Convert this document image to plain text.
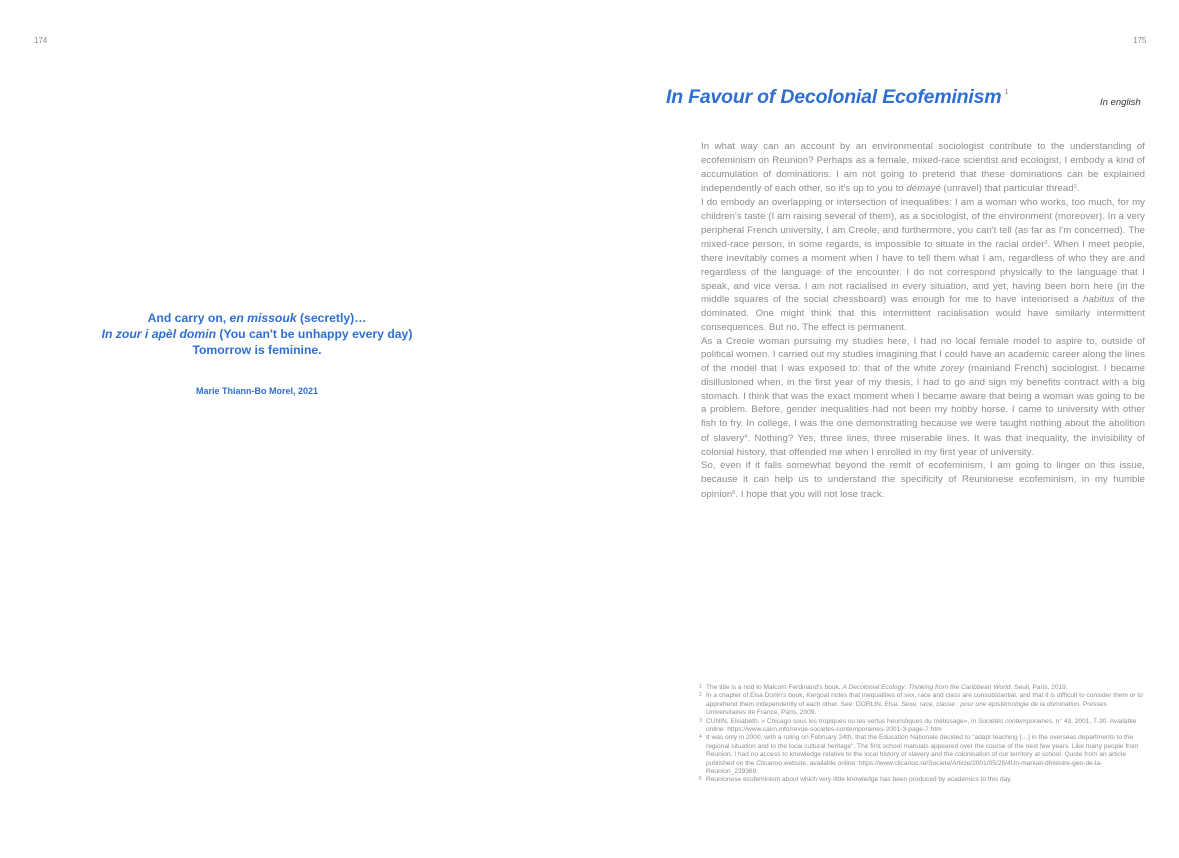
174
And carry on, en missouk (secretly)…
In zour i apèl domin (You can't be unhappy every day)
Tomorrow is feminine.
Marie Thiann-Bo Morel, 2021
175
In Favour of Decolonial Ecofeminism $^1$
In english

In what way can an account by an environmental sociologist contribute to the understanding of ecofeminism on Reunion? Perhaps as a female, mixed-race scientist and ecologist, I embody a kind of accumulation of dominations. I am not going to pretend that these dominations can be explained independently of each other, so it's up to you to démayé (unravel) that particular thread$^2$.

I do embody an overlapping or intersection of inequalities: I am a woman who works, too much, for my children's taste (I am raising several of them), as a sociologist, of the environment (moreover). In a very peripheral French university, I am Creole, and furthermore, you can't tell (as far as I'm concerned). The mixed-race person, in some regards, is impossible to situate in the racial order$^3$. When I meet people, there inevitably comes a moment when I have to tell them what I am, regardless of who they are and regardless of the language of the encounter. I do not correspond physically to the language that I speak, and vice versa. I am not racialised in every situation, and yet, having been born here (in the middle squares of the social chessboard) was enough for me to have interiorised a habitus of the dominated. One might think that this intermittent racialisation would have similarly intermittent consequences. But no. The effect is permanent.

As a Creole woman pursuing my studies here, I had no local female model to aspire to, outside of political women. I carried out my studies imagining that I could have an academic career along the lines of the model that I was exposed to: that of the white zorey (mainland French) sociologist. I became disillusioned when, in the first year of my thesis, I had to go and sign my benefits contract with a big stomach. I think that was the exact moment when I became aware that being a woman was going to be a problem. Before, gender inequalities had not been my hobby horse. I came to university with other fish to fry. In college, I was the one demonstrating because we were taught nothing about the abolition of slavery$^4$. Nothing? Yes, three lines, three miserable lines. It was that inequality, the invisibility of colonial history, that offended me when I enrolled in my first year of university.

So, even if it falls somewhat beyond the remit of ecofeminism, I am going to linger on this issue, because it can help us to understand the specificity of Reunionese ecofeminism, in my humble opinion$^5$. I hope that you will not lose track.

1 The title is a nod to Malcom Ferdinand's book, A Decolonial Ecology: Thinking from the Caribbean World. Seuil, Paris, 2019.

2 In a chapter of Elsa Dorlin's book, Kergoat notes that inequalities of sex, race and class are consubstantial, and that it is difficult to consider them or to apprehend them independently of each other. See: DORLIN, Elsa. Sexe, race, classe : pour une épistémologie de la domination. Presses Universitaires de France, Paris, 2009.

3 CUNIN, Elisabeth. « Chicago sous les tropiques ou les vertus heuristiques du métissage», in Sociétés contemporaines, n° 43, 2001, 7-30. Available online: https://www.cairn.info/revue-societes-contemporaines-2001-3-page-7.htm

4 It was only in 2000, with a ruling on February 24th, that the Education Nationale decided to "adapt teaching […] in the overseas departments to the regional situation and to the local cultural heritage". The first school manuals appeared over the course of the next few years. Like many people from Reunion, I had no access to knowledge relative to the local history of slavery and the colonisation of our territory at school. Quote from an article published on the Clicanoo website, available online: https://www.clicanoo.re/Societe/Article/2001/05/28/4Un-manuel-dhistoire-geo-de-la-Reunion_239369

5 Reunionese ecofeminism about which very little knowledge has been produced by academics to this day.
